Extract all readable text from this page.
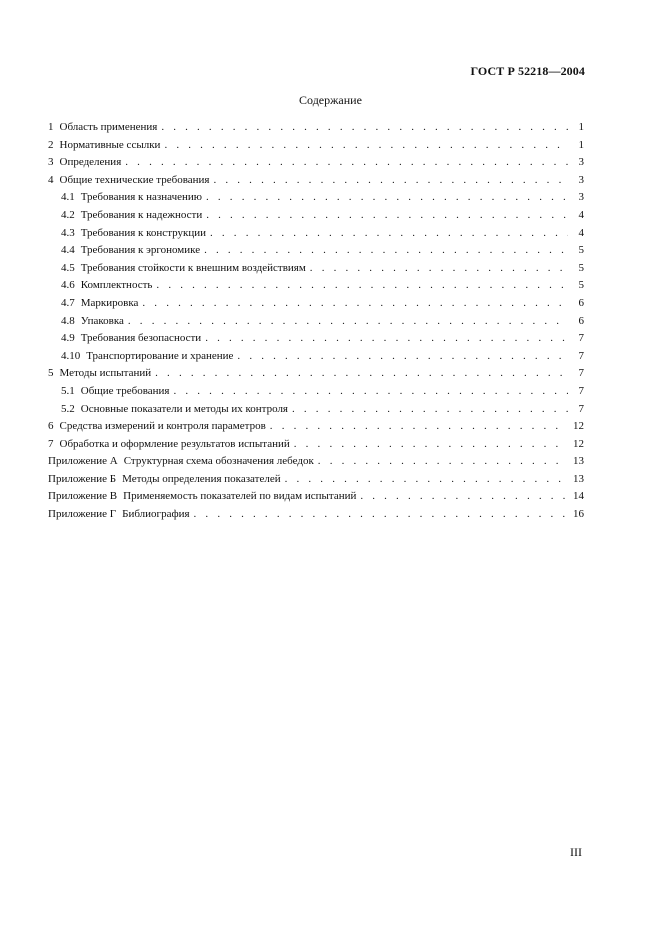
ГОСТ Р 52218—2004
Содержание
1 Область применения . . .	1
2 Нормативные ссылки . . .	1
3 Определения . . .	3
4 Общие технические требования . . .	3
4.1 Требования к назначению . . .	3
4.2 Требования к надежности . . .	4
4.3 Требования к конструкции . . .	4
4.4 Требования к эргономике . . .	5
4.5 Требования стойкости к внешним воздействиям . . .	5
4.6 Комплектность . . .	5
4.7 Маркировка . . .	6
4.8 Упаковка . . .	6
4.9 Требования безопасности . . .	7
4.10 Транспортирование и хранение . . .	7
5 Методы испытаний . . .	7
5.1 Общие требования . . .	7
5.2 Основные показатели и методы их контроля . . .	7
6 Средства измерений и контроля параметров . . .	12
7 Обработка и оформление результатов испытаний . . .	12
Приложение А Структурная схема обозначения лебедок . . .	13
Приложение Б Методы определения показателей . . .	13
Приложение В Применяемость показателей по видам испытаний . . .	14
Приложение Г Библиография . . .	16
III
